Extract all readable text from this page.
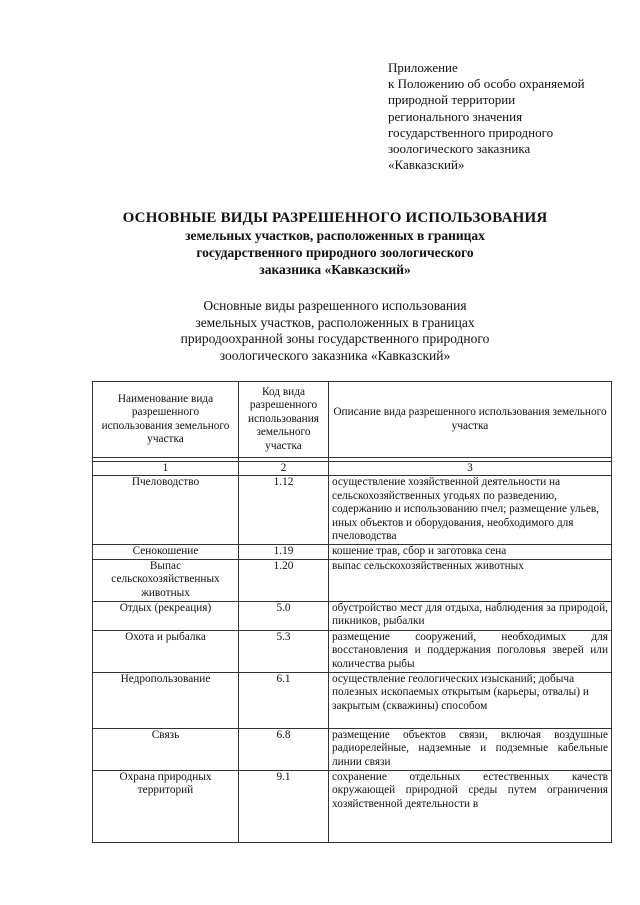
Приложение
к Положению об особо охраняемой
природной территории
регионального значения
государственного природного
зоологического заказника
«Кавказский»
ОСНОВНЫЕ ВИДЫ РАЗРЕШЕННОГО ИСПОЛЬЗОВАНИЯ
земельных участков, расположенных в границах
государственного природного зоологического
заказника «Кавказский»
Основные виды разрешенного использования
земельных участков, расположенных в границах
природоохранной зоны государственного природного
зоологического заказника «Кавказский»
Наименование вида разрешенного использования земельного участка	Код вида разрешенного использования земельного участка	Описание вида разрешенного использования земельного участка

1	2	3
Пчеловодство	1.12	осуществление хозяйственной деятельности на сельскохозяйственных угодьях по разведению, содержанию и использованию пчел; размещение ульев, иных объектов и оборудования, необходимого для пчеловодства
Сенокошение	1.19	кошение трав, сбор и заготовка сена
Выпас сельскохозяйственных животных	1.20	выпас сельскохозяйственных животных
Отдых (рекреация)	5.0	обустройство мест для отдыха, наблюдения за природой, пикников, рыбалки
Охота и рыбалка	5.3	размещение сооружений, необходимых для восстановления и поддержания поголовья зверей или количества рыбы
Недропользование	6.1	осуществление геологических изысканий; добыча полезных ископаемых открытым (карьеры, отвалы) и закрытым (скважины) способом
Связь	6.8	размещение объектов связи, включая воздушные радиорелейные, надземные и подземные кабельные линии связи
Охрана природных территорий	9.1	сохранение отдельных естественных качеств окружающей природной среды путем ограничения хозяйственной деятельности в
